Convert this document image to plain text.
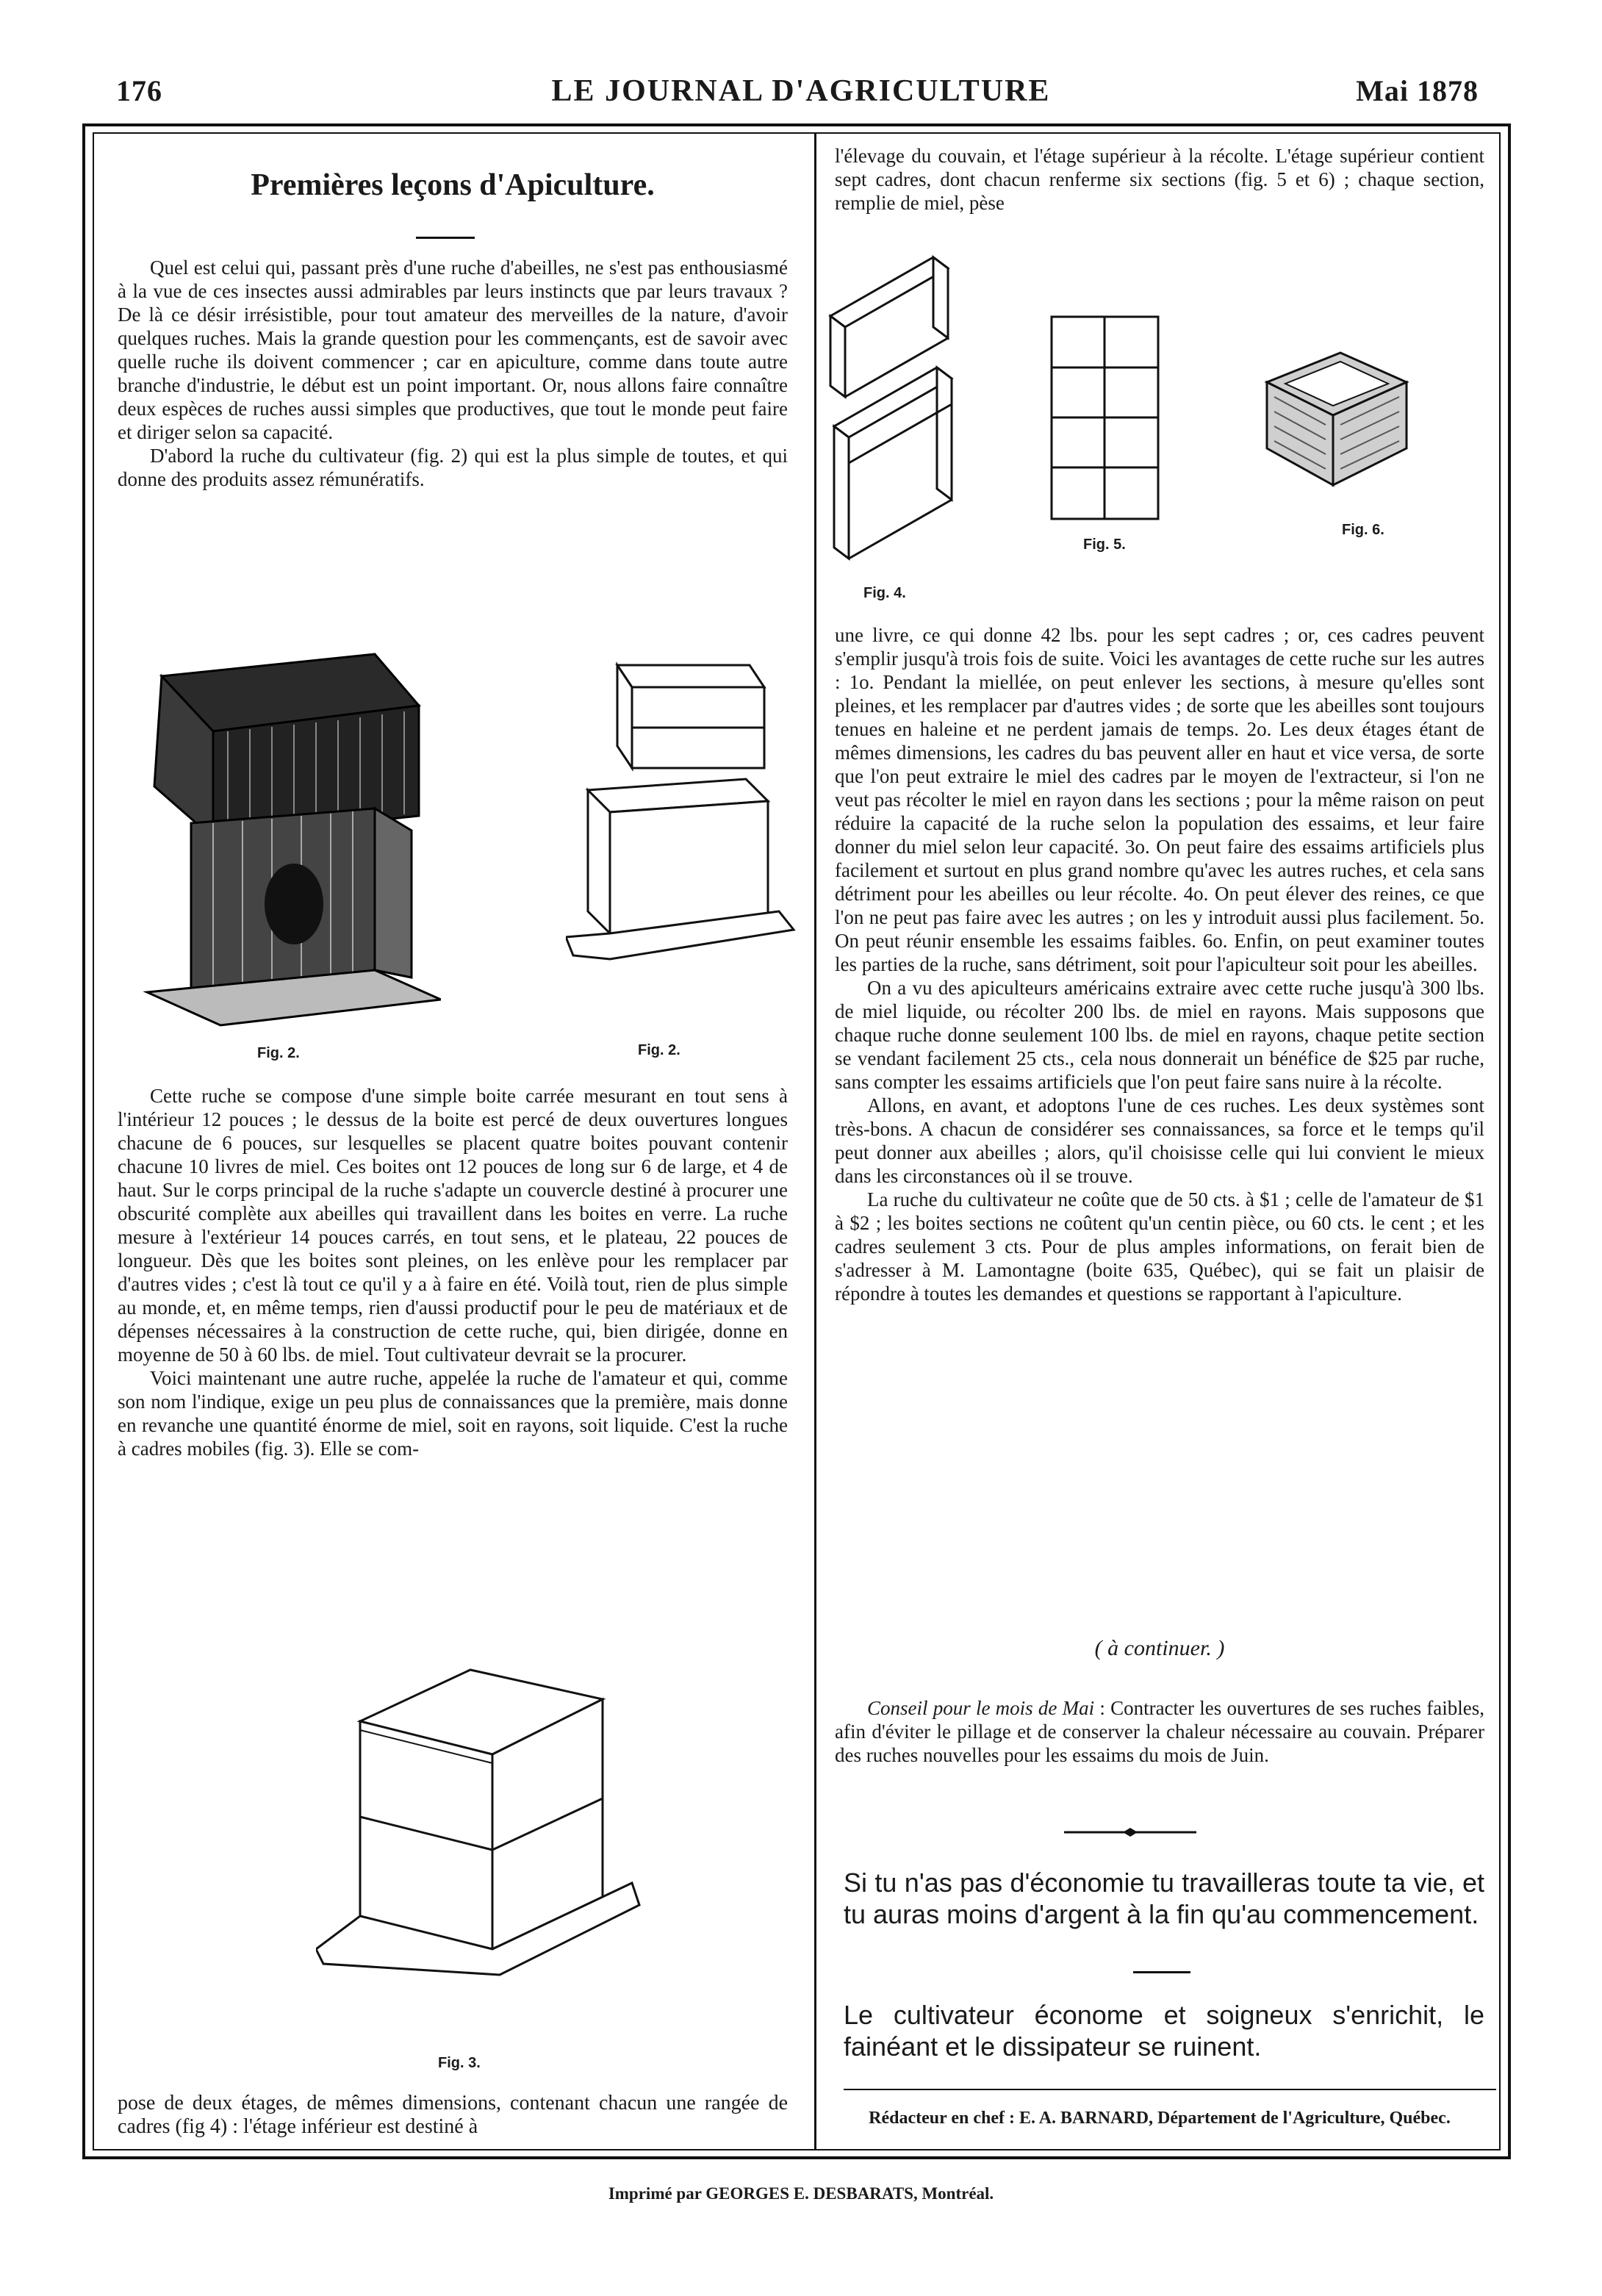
176	LE JOURNAL D'AGRICULTURE	Mai 1878
Premières leçons d'Apiculture.

Quel est celui qui, passant près d'une ruche d'abeilles, ne s'est pas enthousiasmé à la vue de ces insectes aussi admirables par leurs instincts que par leurs travaux ? De là ce désir irrésistible, pour tout amateur des merveilles de la nature, d'avoir quelques ruches. Mais la grande question pour les commençants, est de savoir avec quelle ruche ils doivent commencer ; car en apiculture, comme dans toute autre branche d'industrie, le début est un point important. Or, nous allons faire connaître deux espèces de ruches aussi simples que productives, que tout le monde peut faire et diriger selon sa capacité.

D'abord la ruche du cultivateur (fig. 2) qui est la plus simple de toutes, et qui donne des produits assez rémunératifs.

Fig. 2.	Fig. 2.

Cette ruche se compose d'une simple boite carrée mesurant en tout sens à l'intérieur 12 pouces ; le dessus de la boite est percé de deux ouvertures longues chacune de 6 pouces, sur lesquelles se placent quatre boites pouvant contenir chacune 10 livres de miel. Ces boites ont 12 pouces de long sur 6 de large, et 4 de haut. Sur le corps principal de la ruche s'adapte un couvercle destiné à procurer une obscurité complète aux abeilles qui travaillent dans les boites en verre. La ruche mesure à l'extérieur 14 pouces carrés, en tout sens, et le plateau, 22 pouces de longueur. Dès que les boites sont pleines, on les enlève pour les remplacer par d'autres vides ; c'est là tout ce qu'il y a à faire en été. Voilà tout, rien de plus simple au monde, et, en même temps, rien d'aussi productif pour le peu de matériaux et de dépenses nécessaires à la construction de cette ruche, qui, bien dirigée, donne en moyenne de 50 à 60 lbs. de miel. Tout cultivateur devrait se la procurer.

Voici maintenant une autre ruche, appelée la ruche de l'amateur et qui, comme son nom l'indique, exige un peu plus de connaissances que la première, mais donne en revanche une quantité énorme de miel, soit en rayons, soit liquide. C'est la ruche à cadres mobiles (fig. 3). Elle se com-

Fig. 3.

pose de deux étages, de mêmes dimensions, contenant chacun une rangée de cadres (fig 4) : l'étage inférieur est destiné à

l'élevage du couvain, et l'étage supérieur à la récolte. L'étage supérieur contient sept cadres, dont chacun renferme six sections (fig. 5 et 6) ; chaque section, remplie de miel, pèse

Fig. 4.
Fig. 5.
Fig. 6.

une livre, ce qui donne 42 lbs. pour les sept cadres ; or, ces cadres peuvent s'emplir jusqu'à trois fois de suite. Voici les avantages de cette ruche sur les autres : 1o. Pendant la miellée, on peut enlever les sections, à mesure qu'elles sont pleines, et les remplacer par d'autres vides ; de sorte que les abeilles sont toujours tenues en haleine et ne perdent jamais de temps. 2o. Les deux étages étant de mêmes dimensions, les cadres du bas peuvent aller en haut et vice versa, de sorte que l'on peut extraire le miel des cadres par le moyen de l'extracteur, si l'on ne veut pas récolter le miel en rayon dans les sections ; pour la même raison on peut réduire la capacité de la ruche selon la population des essaims, et leur faire donner du miel selon leur capacité. 3o. On peut faire des essaims artificiels plus facilement et surtout en plus grand nombre qu'avec les autres ruches, et cela sans détriment pour les abeilles ou leur récolte. 4o. On peut élever des reines, ce que l'on ne peut pas faire avec les autres ; on les y introduit aussi plus facilement. 5o. On peut réunir ensemble les essaims faibles. 6o. Enfin, on peut examiner toutes les parties de la ruche, sans détriment, soit pour l'apiculteur soit pour les abeilles.

On a vu des apiculteurs américains extraire avec cette ruche jusqu'à 300 lbs. de miel liquide, ou récolter 200 lbs. de miel en rayons. Mais supposons que chaque ruche donne seulement 100 lbs. de miel en rayons, chaque petite section se vendant facilement 25 cts., cela nous donnerait un bénéfice de $25 par ruche, sans compter les essaims artificiels que l'on peut faire sans nuire à la récolte.

Allons, en avant, et adoptons l'une de ces ruches. Les deux systèmes sont très-bons. A chacun de considérer ses connaissances, sa force et le temps qu'il peut donner aux abeilles ; alors, qu'il choisisse celle qui lui convient le mieux dans les circonstances où il se trouve.

La ruche du cultivateur ne coûte que de 50 cts. à $1 ; celle de l'amateur de $1 à $2 ; les boites sections ne coûtent qu'un centin pièce, ou 60 cts. le cent ; et les cadres seulement 3 cts. Pour de plus amples informations, on ferait bien de s'adresser à M. Lamontagne (boite 635, Québec), qui se fait un plaisir de répondre à toutes les demandes et questions se rapportant à l'apiculture.

( à continuer. )

Conseil pour le mois de Mai : Contracter les ouvertures de ses ruches faibles, afin d'éviter le pillage et de conserver la chaleur nécessaire au couvain. Préparer des ruches nouvelles pour les essaims du mois de Juin.

Si tu n'as pas d'économie tu travailleras toute ta vie, et tu auras moins d'argent à la fin qu'au commencement.
Le cultivateur économe et soigneux s'enrichit, le fainéant et le dissipateur se ruinent.
Rédacteur en chef : E. A. BARNARD, Département de l'Agriculture, Québec.
Imprimé par GEORGES E. DESBARATS, Montréal.
